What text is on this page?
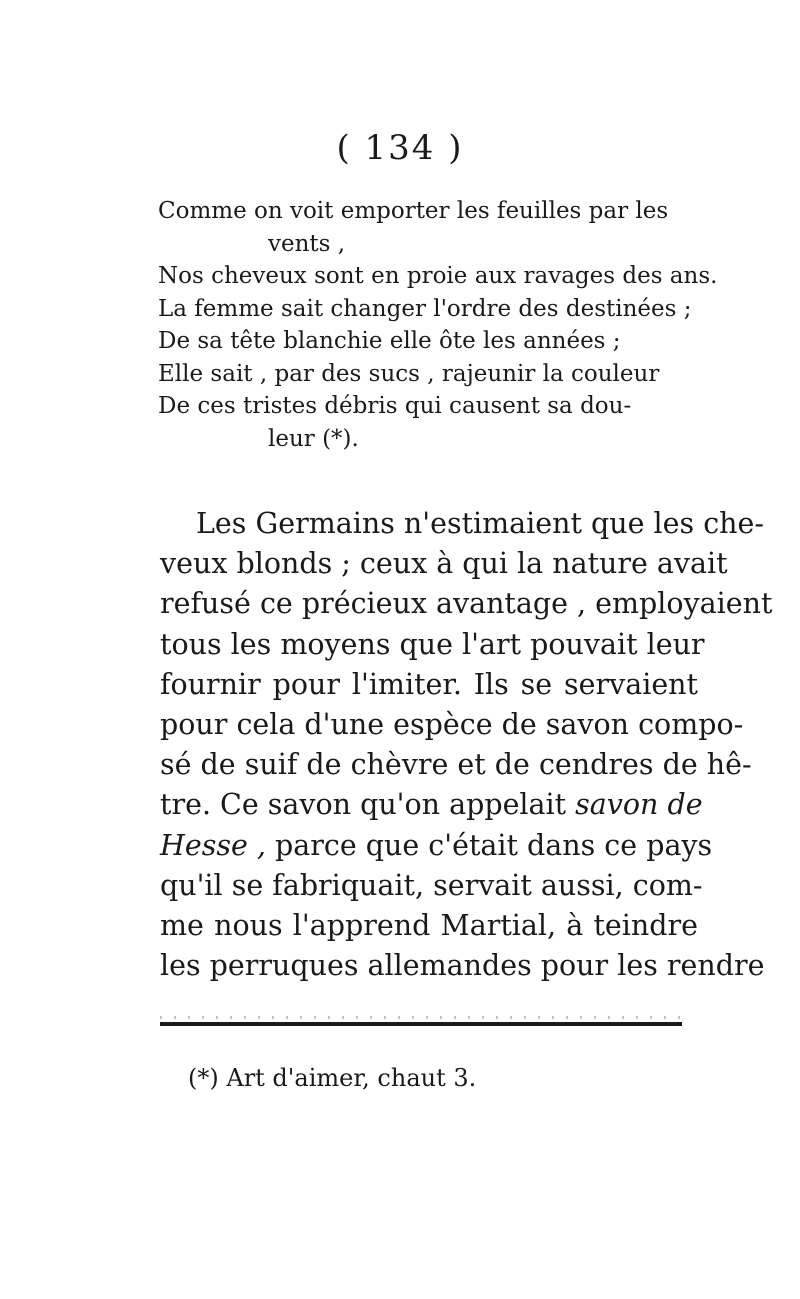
( 134 )
Comme on voit emporter les feuilles par les
vents ,
Nos cheveux sont en proie aux ravages des ans.
La femme sait changer l'ordre des destinées ;
De sa tête blanchie elle ôte les années ;
Elle sait , par des sucs , rajeunir la couleur
De ces tristes débris qui causent sa dou-
leur (*).
Les Germains n'estimaient que les che-
veux blonds ; ceux à qui la nature avait
refusé ce précieux avantage , employaient
tous les moyens que l'art pouvait leur
fournir pour l'imiter. Ils se servaient
pour cela d'une espèce de savon compo-
sé de suif de chèvre et de cendres de hê-
tre. Ce savon qu'on appelait savon de
Hesse , parce que c'était dans ce pays
qu'il se fabriquait, servait aussi, com-
me nous l'apprend Martial, à teindre
les perruques allemandes pour les rendre
(*) Art d'aimer, chaut 3.
